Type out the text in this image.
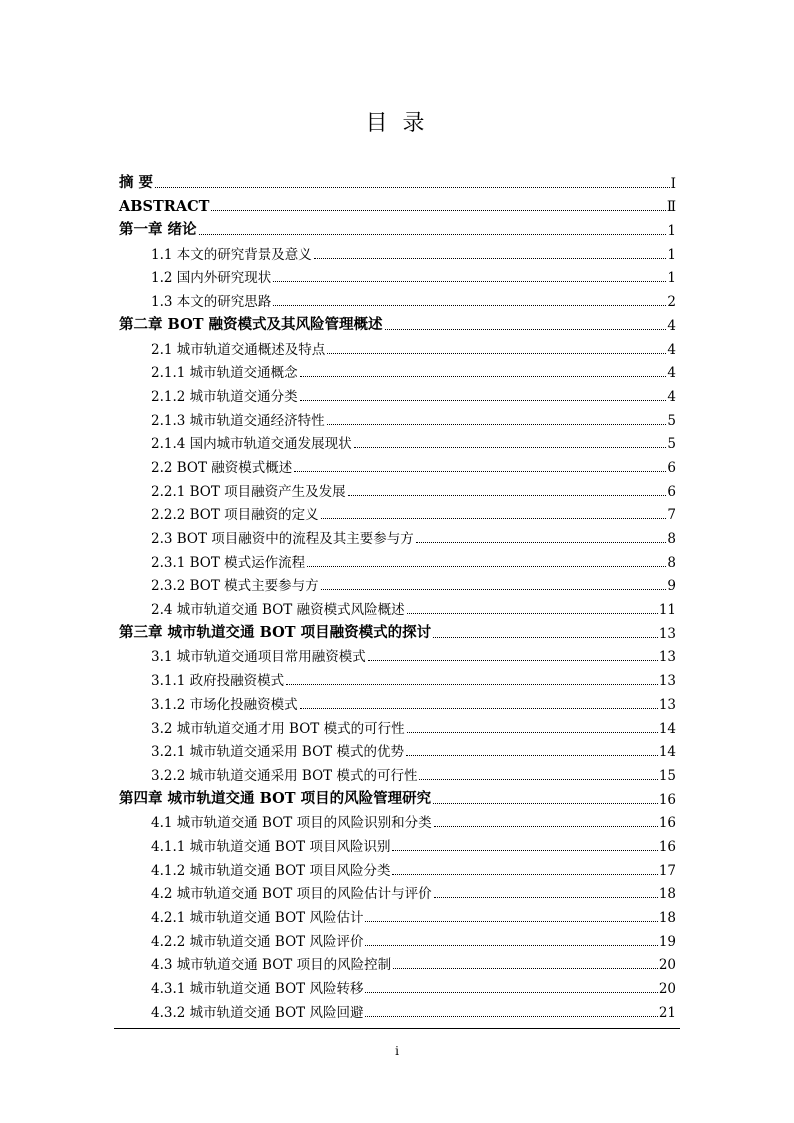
目 录
摘 要	I
ABSTRACT	Ⅱ
第一章 绪论	1
1.1 本文的研究背景及意义	1
1.2 国内外研究现状	1
1.3 本文的研究思路	2
第二章 BOT 融资模式及其风险管理概述	4
2.1 城市轨道交通概述及特点	4
2.1.1 城市轨道交通概念	4
2.1.2 城市轨道交通分类	4
2.1.3 城市轨道交通经济特性	5
2.1.4 国内城市轨道交通发展现状	5
2.2 BOT 融资模式概述	6
2.2.1 BOT 项目融资产生及发展	6
2.2.2 BOT 项目融资的定义	7
2.3 BOT 项目融资中的流程及其主要参与方	8
2.3.1 BOT 模式运作流程	8
2.3.2 BOT 模式主要参与方	9
2.4 城市轨道交通 BOT 融资模式风险概述	11
第三章 城市轨道交通 BOT 项目融资模式的探讨	13
3.1 城市轨道交通项目常用融资模式	13
3.1.1 政府投融资模式	13
3.1.2 市场化投融资模式	13
3.2 城市轨道交通才用 BOT 模式的可行性	14
3.2.1 城市轨道交通采用 BOT 模式的优势	14
3.2.2 城市轨道交通采用 BOT 模式的可行性	15
第四章 城市轨道交通 BOT 项目的风险管理研究	16
4.1 城市轨道交通 BOT 项目的风险识别和分类	16
4.1.1 城市轨道交通 BOT 项目风险识别	16
4.1.2 城市轨道交通 BOT 项目风险分类	17
4.2 城市轨道交通 BOT 项目的风险估计与评价	18
4.2.1 城市轨道交通 BOT 风险估计	18
4.2.2 城市轨道交通 BOT 风险评价	19
4.3 城市轨道交通 BOT 项目的风险控制	20
4.3.1 城市轨道交通 BOT 风险转移	20
4.3.2 城市轨道交通 BOT 风险回避	21
i
